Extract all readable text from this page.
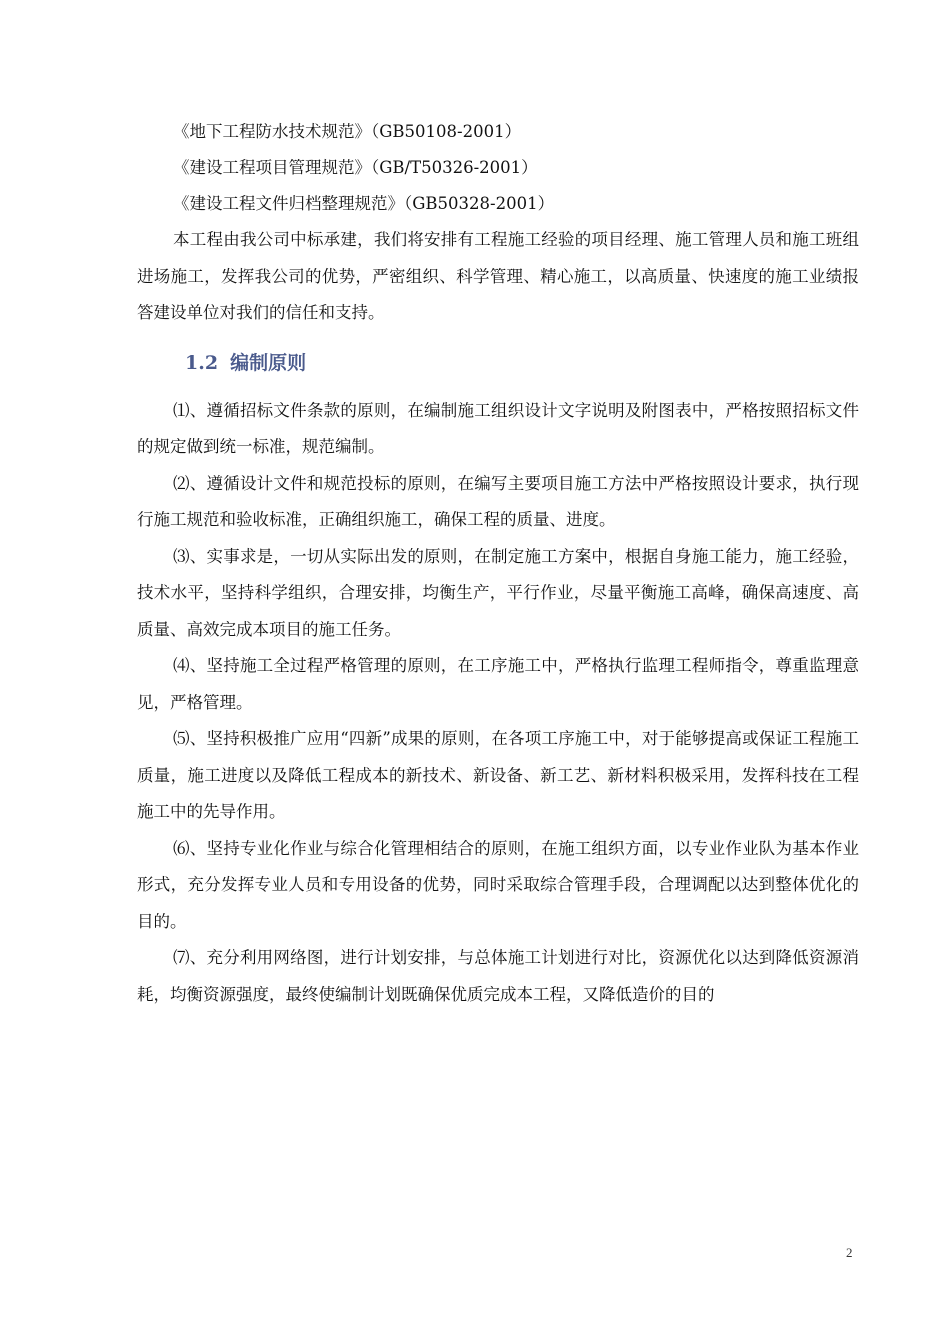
《地下工程防水技术规范》（GB50108-2001）
《建设工程项目管理规范》（GB/T50326-2001）
《建设工程文件归档整理规范》（GB50328-2001）

本工程由我公司中标承建，我们将安排有工程施工经验的项目经理、施工管理人员和施工班组进场施工，发挥我公司的优势，严密组织、科学管理、精心施工，以高质量、快速度的施工业绩报答建设单位对我们的信任和支持。

1.2 编制原则

⑴、遵循招标文件条款的原则，在编制施工组织设计文字说明及附图表中，严格按照招标文件的规定做到统一标准，规范编制。

⑵、遵循设计文件和规范投标的原则，在编写主要项目施工方法中严格按照设计要求，执行现行施工规范和验收标准，正确组织施工，确保工程的质量、进度。

⑶、实事求是，一切从实际出发的原则，在制定施工方案中，根据自身施工能力，施工经验，技术水平，坚持科学组织，合理安排，均衡生产，平行作业，尽量平衡施工高峰，确保高速度、高质量、高效完成本项目的施工任务。

⑷、坚持施工全过程严格管理的原则，在工序施工中，严格执行监理工程师指令，尊重监理意见，严格管理。

⑸、坚持积极推广应用“四新”成果的原则，在各项工序施工中，对于能够提高或保证工程施工质量，施工进度以及降低工程成本的新技术、新设备、新工艺、新材料积极采用，发挥科技在工程施工中的先导作用。

⑹、坚持专业化作业与综合化管理相结合的原则，在施工组织方面，以专业作业队为基本作业形式，充分发挥专业人员和专用设备的优势，同时采取综合管理手段，合理调配以达到整体优化的目的。

⑺、充分利用网络图，进行计划安排，与总体施工计划进行对比，资源优化以达到降低资源消耗，均衡资源强度，最终使编制计划既确保优质完成本工程，又降低造价的目的

2
